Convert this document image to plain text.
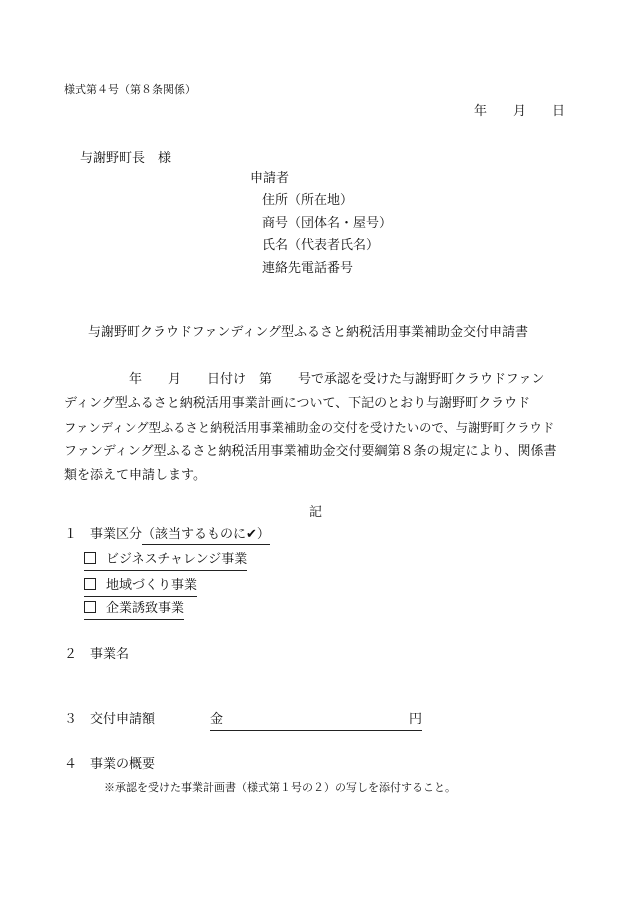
様式第４号（第８条関係）
年　　月　　日
与謝野町長　様
申請者
住所（所在地）
商号（団体名・屋号）
氏名（代表者氏名）
連絡先電話番号
与謝野町クラウドファンディング型ふるさと納税活用事業補助金交付申請書
　　　　　年　　月　　日付け　第　　号で承認を受けた与謝野町クラウドファン
ディング型ふるさと納税活用事業計画について、下記のとおり与謝野町クラウド
ファンディング型ふるさと納税活用事業補助金の交付を受けたいので、与謝野町クラウド
ファンディング型ふるさと納税活用事業補助金交付要綱第８条の規定により、関係書
類を添えて申請します。
記
１　事業区分（該当するものに✔）
ビジネスチャレンジ事業
地域づくり事業
企業誘致事業
２　事業名
３　交付申請額	金	円
４　事業の概要
※承認を受けた事業計画書（様式第１号の２）の写しを添付すること。
